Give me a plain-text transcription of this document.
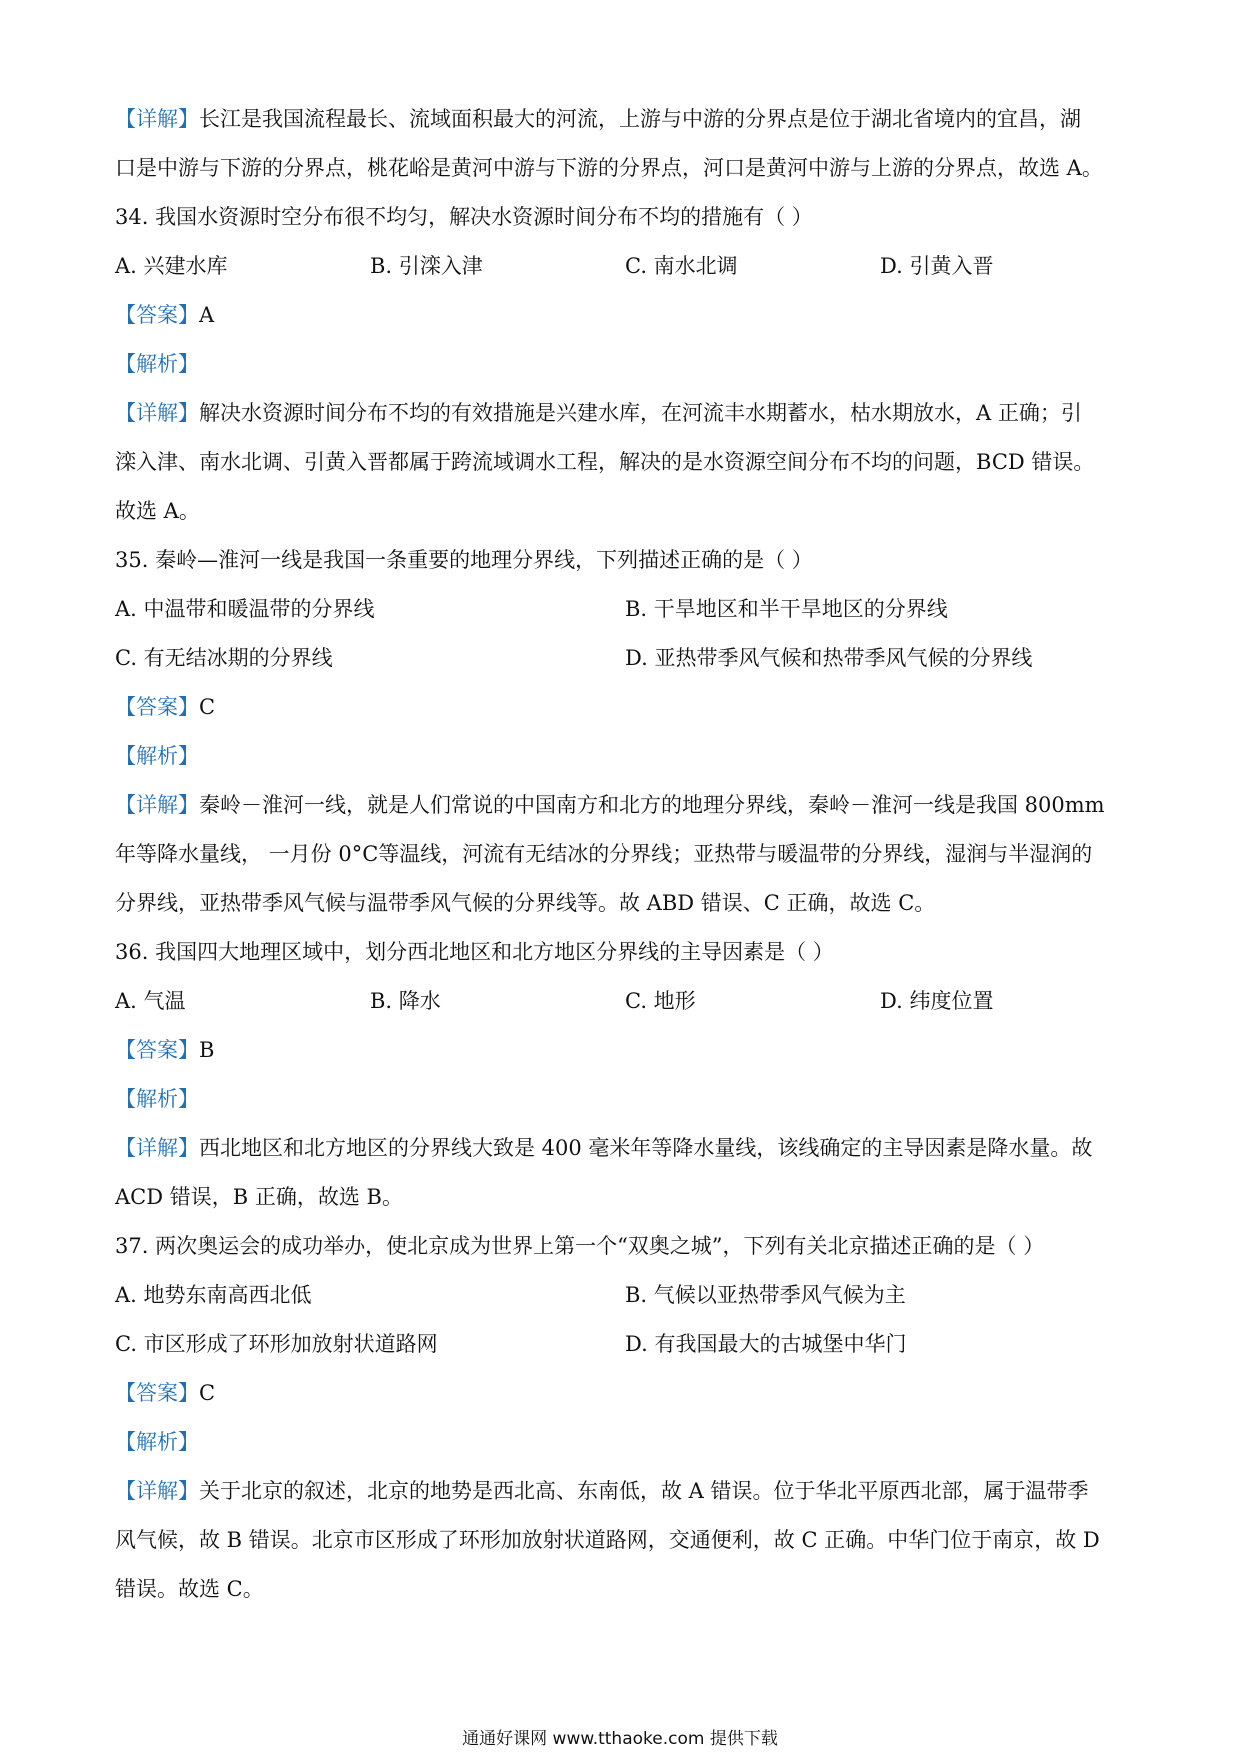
【详解】长江是我国流程最长、流域面积最大的河流，上游与中游的分界点是位于湖北省境内的宜昌，湖
口是中游与下游的分界点，桃花峪是黄河中游与下游的分界点，河口是黄河中游与上游的分界点，故选 A。
34. 我国水资源时空分布很不均匀，解决水资源时间分布不均的措施有（ ）
A. 兴建水库	B. 引滦入津	C. 南水北调	D. 引黄入晋
【答案】A
【解析】
【详解】解决水资源时间分布不均的有效措施是兴建水库，在河流丰水期蓄水，枯水期放水，A 正确；引
滦入津、南水北调、引黄入晋都属于跨流域调水工程，解决的是水资源空间分布不均的问题，BCD 错误。
故选 A。
35. 秦岭—淮河一线是我国一条重要的地理分界线，下列描述正确的是（ ）
A. 中温带和暖温带的分界线	B. 干旱地区和半干旱地区的分界线
C. 有无结冰期的分界线	D. 亚热带季风气候和热带季风气候的分界线
【答案】C
【解析】
【详解】秦岭－淮河一线，就是人们常说的中国南方和北方的地理分界线，秦岭－淮河一线是我国 800mm
年等降水量线， 一月份 0°C等温线，河流有无结冰的分界线；亚热带与暖温带的分界线，湿润与半湿润的
分界线，亚热带季风气候与温带季风气候的分界线等。故 ABD 错误、C 正确，故选 C。
36. 我国四大地理区域中，划分西北地区和北方地区分界线的主导因素是（ ）
A. 气温	B. 降水	C. 地形	D. 纬度位置
【答案】B
【解析】
【详解】西北地区和北方地区的分界线大致是 400 毫米年等降水量线，该线确定的主导因素是降水量。故
ACD 错误，B 正确，故选 B。
37. 两次奥运会的成功举办，使北京成为世界上第一个“双奥之城”，下列有关北京描述正确的是（ ）
A. 地势东南高西北低	B. 气候以亚热带季风气候为主
C. 市区形成了环形加放射状道路网	D. 有我国最大的古城堡中华门
【答案】C
【解析】
【详解】关于北京的叙述，北京的地势是西北高、东南低，故 A 错误。位于华北平原西北部，属于温带季
风气候，故 B 错误。北京市区形成了环形加放射状道路网，交通便利，故 C 正确。中华门位于南京，故 D
错误。故选 C。
通通好课网 www.tthaoke.com 提供下载
